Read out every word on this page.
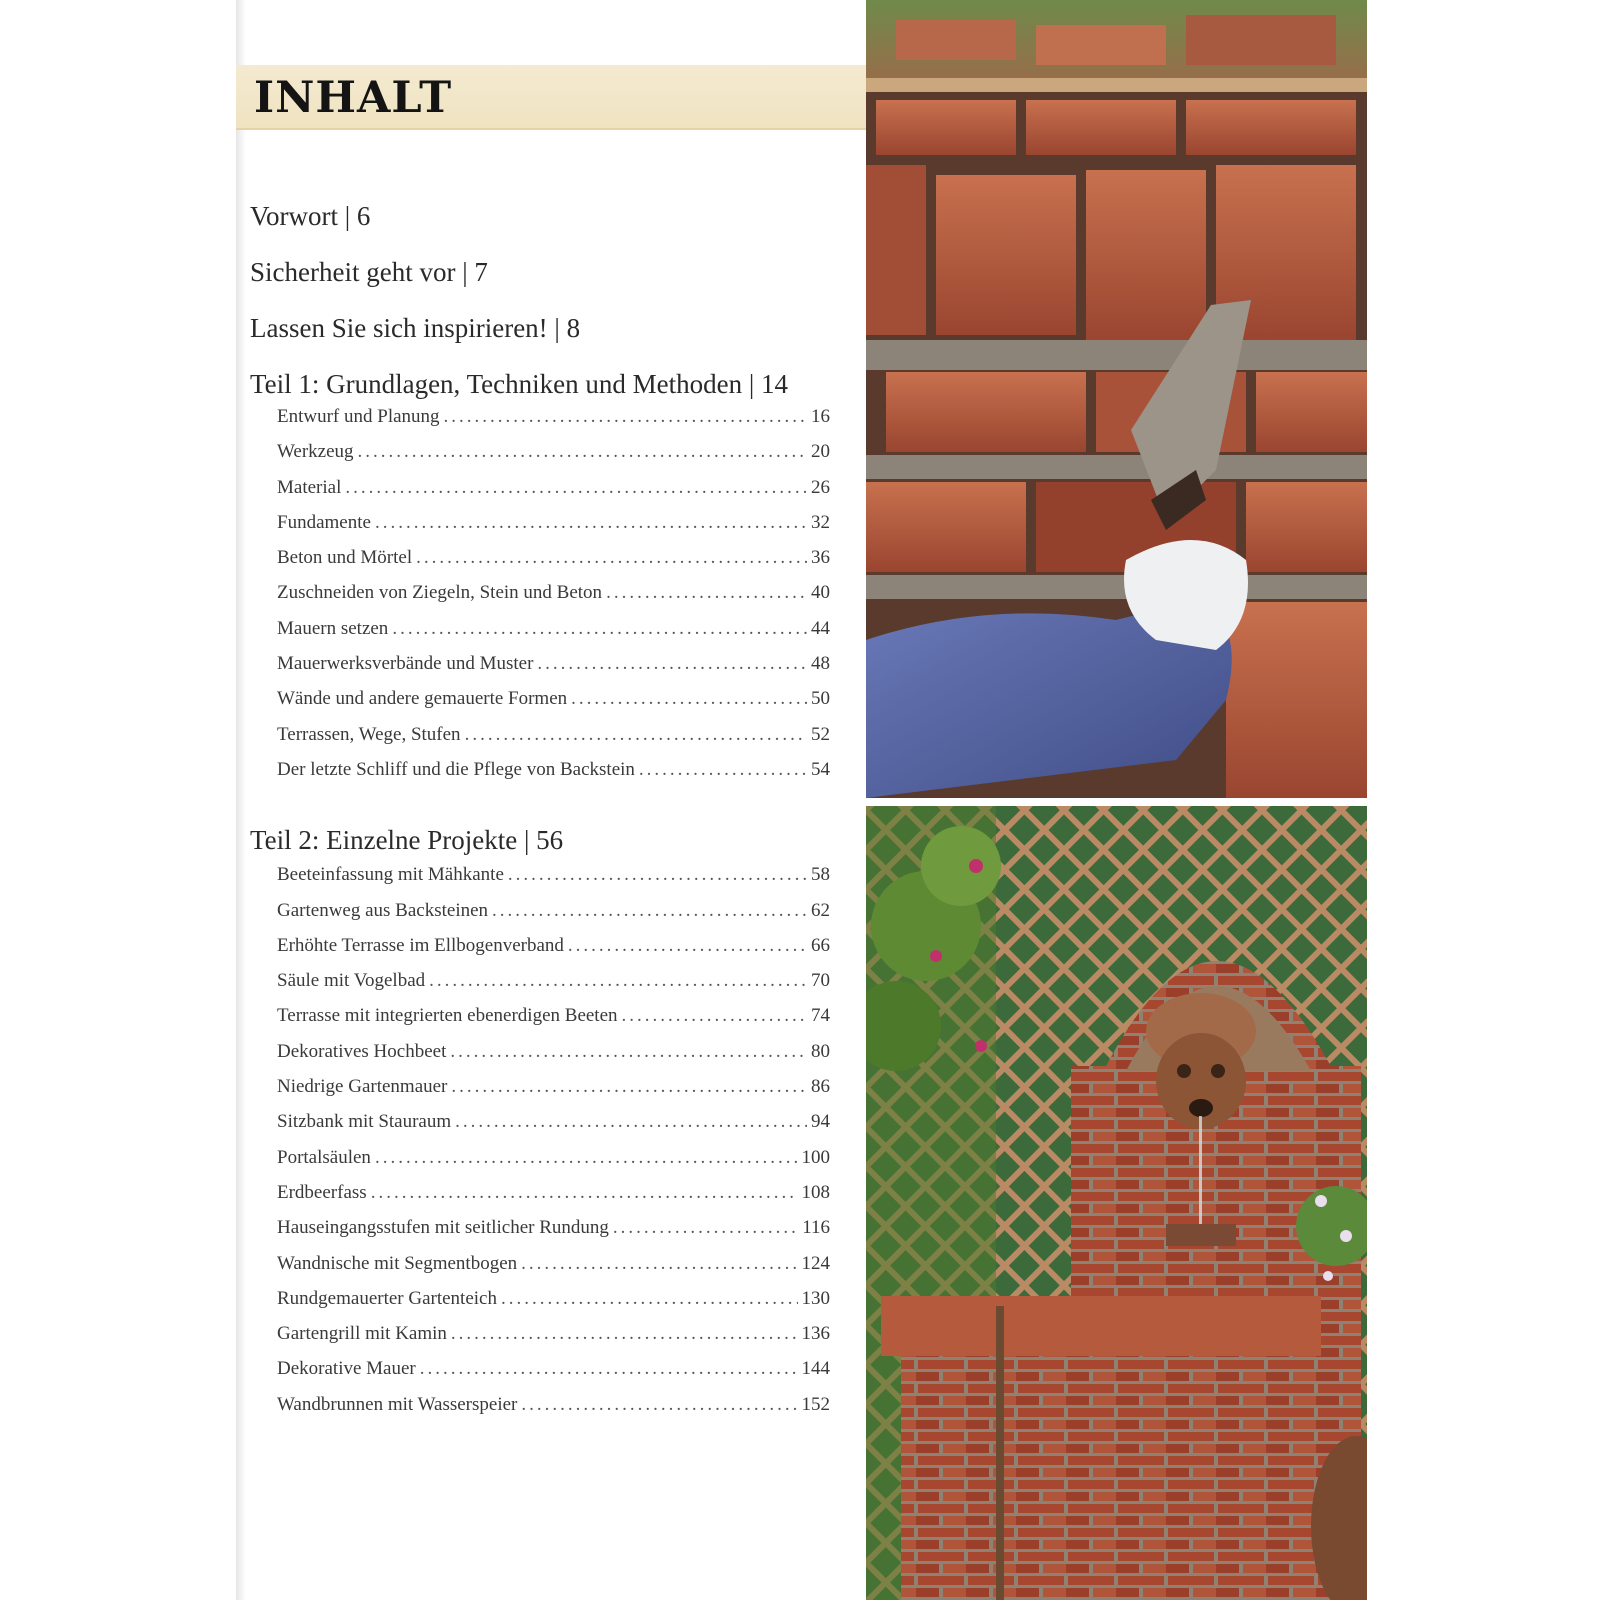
INHALT
Vorwort | 6
Sicherheit geht vor | 7
Lassen Sie sich inspirieren! | 8
Teil 1: Grundlagen, Techniken und Methoden | 14
Entwurf und Planung .....	16
Werkzeug .....	20
Material .....	26
Fundamente .....	32
Beton und Mörtel .....	36
Zuschneiden von Ziegeln, Stein und Beton .....	40
Mauern setzen .....	44
Mauerwerksverbände und Muster .....	48
Wände und andere gemauerte Formen .....	50
Terrassen, Wege, Stufen .....	52
Der letzte Schliff und die Pflege von Backstein .....	54
Teil 2: Einzelne Projekte | 56
Beeteinfassung mit Mähkante .....	58
Gartenweg aus Backsteinen .....	62
Erhöhte Terrasse im Ellbogenverband .....	66
Säule mit Vogelbad .....	70
Terrasse mit integrierten ebenerdigen Beeten .....	74
Dekoratives Hochbeet .....	80
Niedrige Gartenmauer .....	86
Sitzbank mit Stauraum .....	94
Portalsäulen .....	100
Erdbeerfass .....	108
Hauseingangsstufen mit seitlicher Rundung .....	116
Wandnische mit Segmentbogen .....	124
Rundgemauerter Gartenteich .....	130
Gartengrill mit Kamin .....	136
Dekorative Mauer .....	144
Wandbrunnen mit Wasserspeier .....	152
